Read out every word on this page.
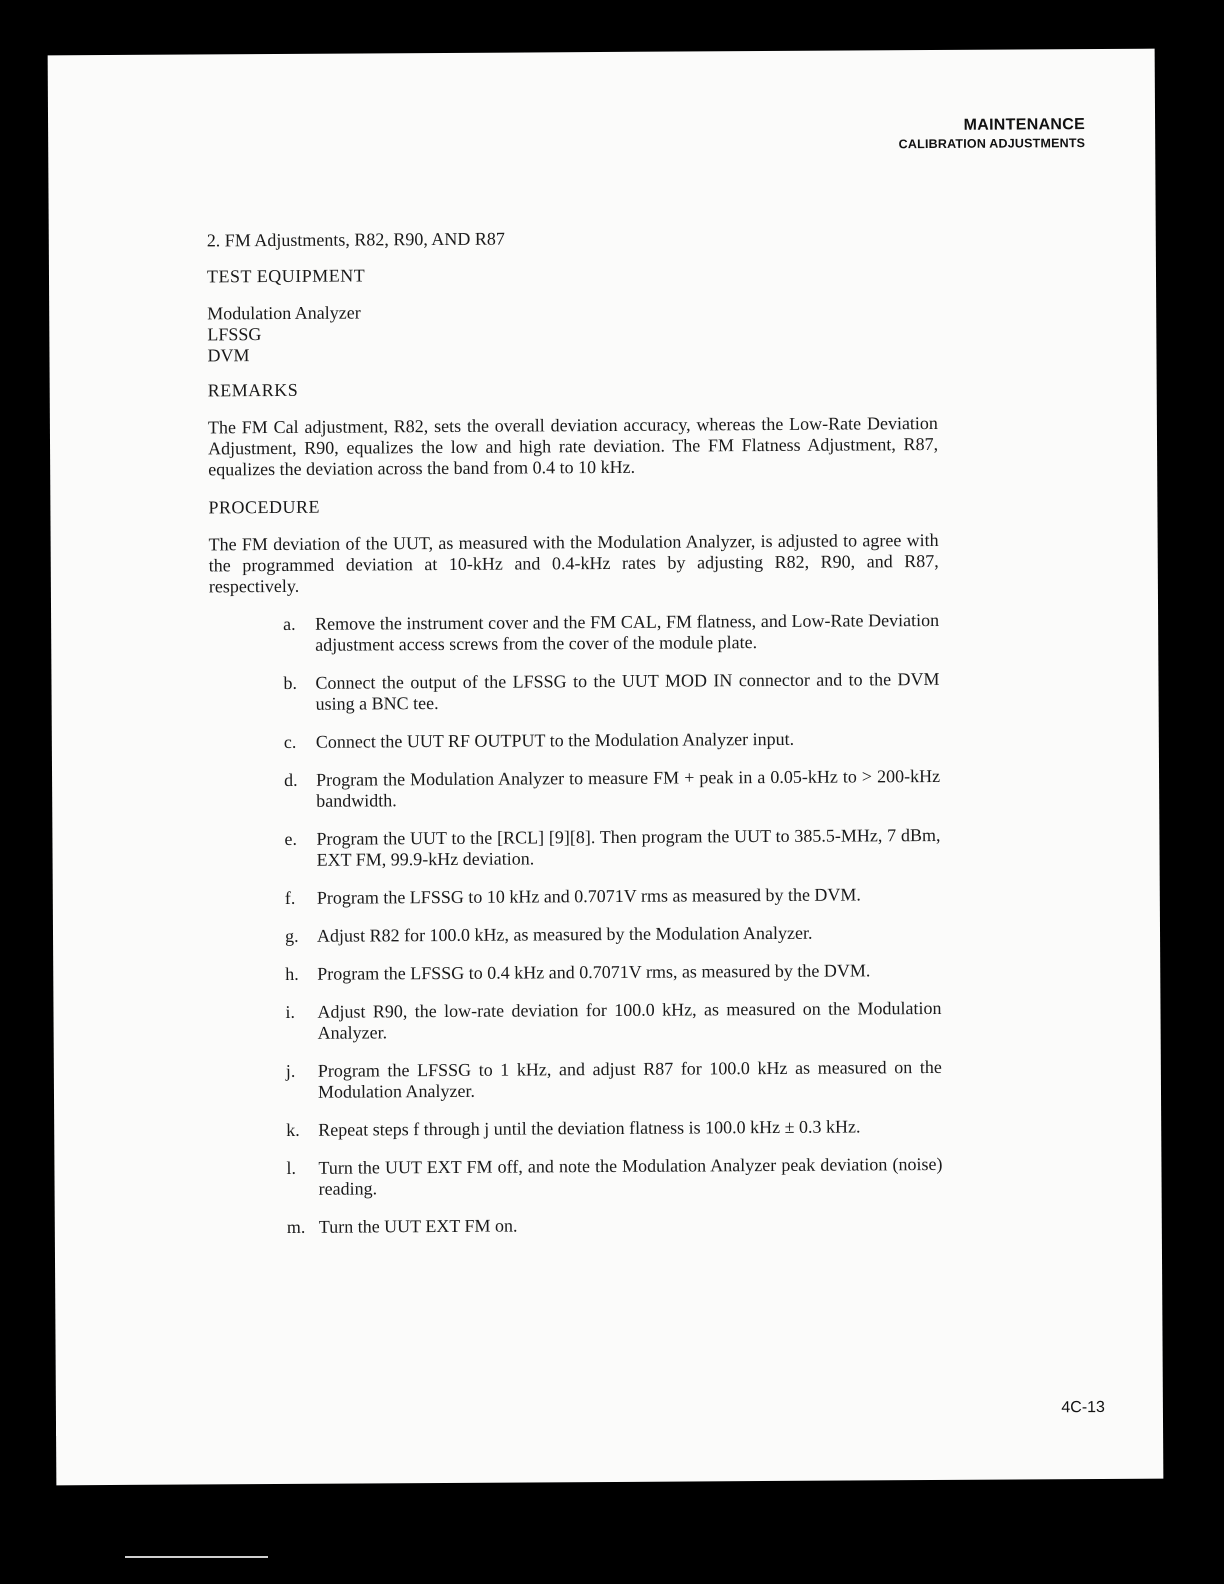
MAINTENANCE
CALIBRATION ADJUSTMENTS

2. FM Adjustments, R82, R90, AND R87

TEST EQUIPMENT

Modulation Analyzer
LFSSG
DVM

REMARKS

The FM Cal adjustment, R82, sets the overall deviation accuracy, whereas the Low-Rate Deviation Adjustment, R90, equalizes the low and high rate deviation. The FM Flatness Adjustment, R87, equalizes the deviation across the band from 0.4 to 10 kHz.

PROCEDURE

The FM deviation of the UUT, as measured with the Modulation Analyzer, is adjusted to agree with the programmed deviation at 10-kHz and 0.4-kHz rates by adjusting R82, R90, and R87, respectively.

a.	Remove the instrument cover and the FM CAL, FM flatness, and Low-Rate Deviation adjustment access screws from the cover of the module plate.
b.	Connect the output of the LFSSG to the UUT MOD IN connector and to the DVM using a BNC tee.
c.	Connect the UUT RF OUTPUT to the Modulation Analyzer input.
d.	Program the Modulation Analyzer to measure FM + peak in a 0.05-kHz to > 200-kHz bandwidth.
e.	Program the UUT to the [RCL] [9][8]. Then program the UUT to 385.5-MHz, 7 dBm, EXT FM, 99.9-kHz deviation.
f.	Program the LFSSG to 10 kHz and 0.7071V rms as measured by the DVM.
g.	Adjust R82 for 100.0 kHz, as measured by the Modulation Analyzer.
h.	Program the LFSSG to 0.4 kHz and 0.7071V rms, as measured by the DVM.
i.	Adjust R90, the low-rate deviation for 100.0 kHz, as measured on the Modulation Analyzer.
j.	Program the LFSSG to 1 kHz, and adjust R87 for 100.0 kHz as measured on the Modulation Analyzer.
k.	Repeat steps f through j until the deviation flatness is 100.0 kHz ± 0.3 kHz.
l.	Turn the UUT EXT FM off, and note the Modulation Analyzer peak deviation (noise) reading.
m. Turn the UUT EXT FM on.
4C-13
